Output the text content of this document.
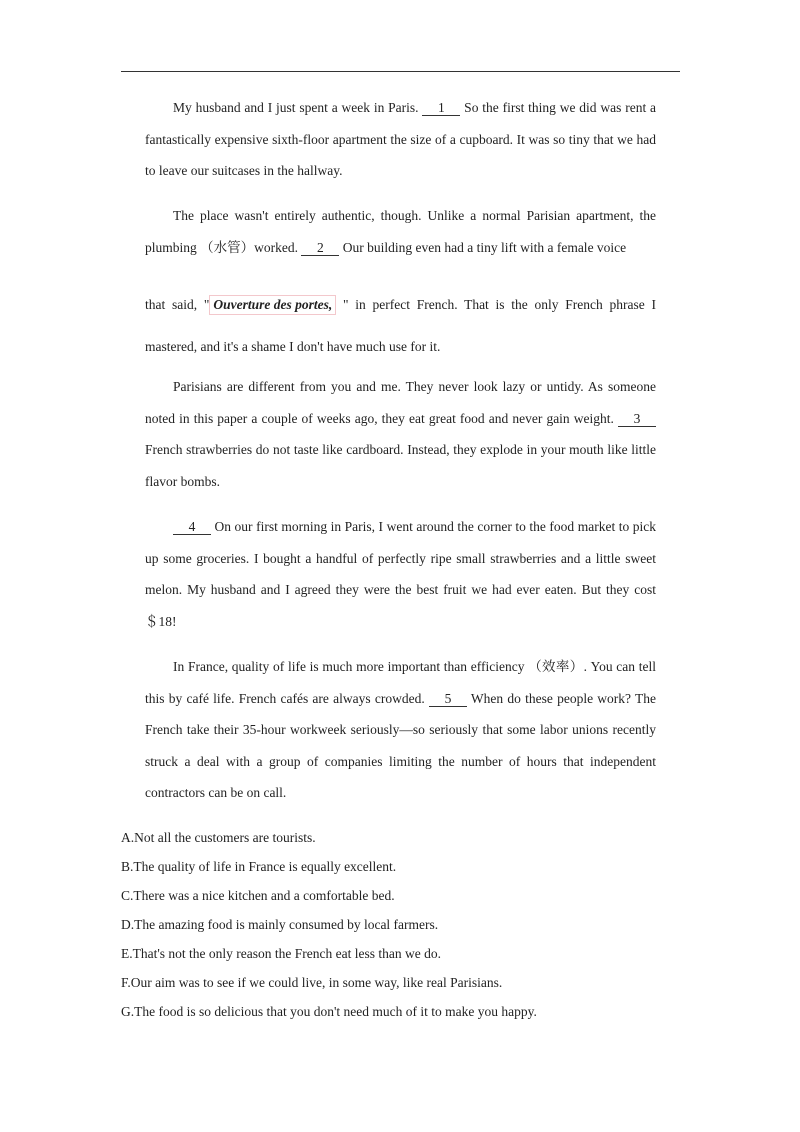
My husband and I just spent a week in Paris. 1 So the first thing we did was rent a fantastically expensive sixth-floor apartment the size of a cupboard. It was so tiny that we had to leave our suitcases in the hallway.

The place wasn't entirely authentic, though. Unlike a normal Parisian apartment, the plumbing （水管）worked. 2 Our building even had a tiny lift with a female voice

that said, " Ouverture des portes, " in perfect French. That is the only French phrase I mastered, and it's a shame I don't have much use for it.

Parisians are different from you and me. They never look lazy or untidy. As someone noted in this paper a couple of weeks ago, they eat great food and never gain weight. 3 French strawberries do not taste like cardboard. Instead, they explode in your mouth like little flavor bombs.

4 On our first morning in Paris, I went around the corner to the food market to pick up some groceries. I bought a handful of perfectly ripe small strawberries and a little sweet melon. My husband and I agreed they were the best fruit we had ever eaten. But they cost ＄18!

In France, quality of life is much more important than efficiency （效率）. You can tell this by café life. French cafés are always crowded. 5 When do these people work? The French take their 35-hour workweek seriously—so seriously that some labor unions recently struck a deal with a group of companies limiting the number of hours that independent contractors can be on call.

A.Not all the customers are tourists.
B.The quality of life in France is equally excellent.
C.There was a nice kitchen and a comfortable bed.
D.The amazing food is mainly consumed by local farmers.
E.That's not the only reason the French eat less than we do.
F.Our aim was to see if we could live, in some way, like real Parisians.
G.The food is so delicious that you don't need much of it to make you happy.
